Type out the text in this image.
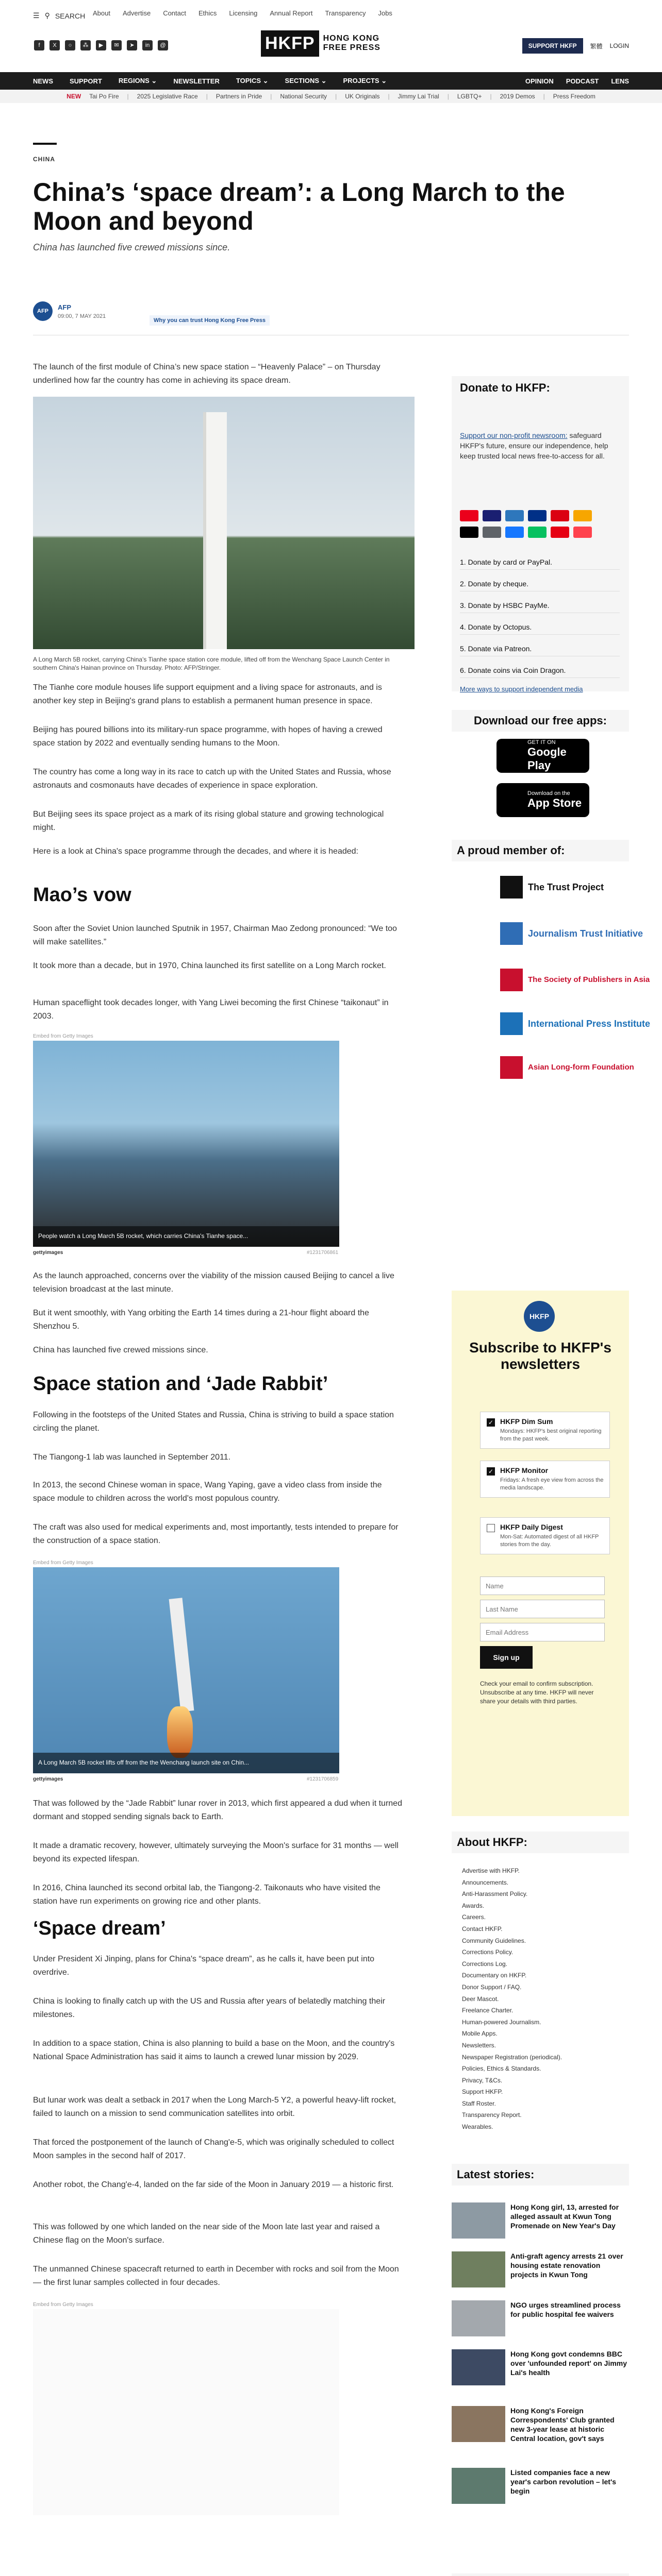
☰ ⚲ SEARCH
f	X	○	⁂	▶	✉	➤	in	@
About Advertise Contact Ethics Licensing Annual Report Transparency Jobs
HKFP	HONG KONG
FREE PRESS	SUPPORT HKFP	繁體 LOGIN
NEWS SUPPORT REGIONS ⌄ NEWSLETTER TOPICS ⌄ SECTIONS ⌄ PROJECTS ⌄	OPINION PODCAST LENS
NEW Tai Po Fire | 2025 Legislative Race | Partners in Pride | National Security | UK Originals | Jimmy Lai Trial | LGBTQ+ | 2019 Demos | Press Freedom
CHINA
China’s ‘space dream’: a Long March to the Moon and beyond
China has launched five crewed missions since.
AFP
AFP
09:00, 7 MAY 2021
Why you can trust Hong Kong Free Press

The launch of the first module of China’s new space station – “Heavenly Palace” – on Thursday underlined how far the country has come in achieving its space dream.

A Long March 5B rocket, carrying China's Tianhe space station core module, lifted off from the Wenchang Space Launch Center in southern China's Hainan province on Thursday. Photo: AFP/Stringer.

The Tianhe core module houses life support equipment and a living space for astronauts, and is another key step in Beijing's grand plans to establish a permanent human presence in space.

Beijing has poured billions into its military-run space programme, with hopes of having a crewed space station by 2022 and eventually sending humans to the Moon.

The country has come a long way in its race to catch up with the United States and Russia, whose astronauts and cosmonauts have decades of experience in space exploration.

But Beijing sees its space project as a mark of its rising global stature and growing technological might.

Here is a look at China's space programme through the decades, and where it is headed:

Mao’s vow

Soon after the Soviet Union launched Sputnik in 1957, Chairman Mao Zedong pronounced: “We too will make satellites.”

It took more than a decade, but in 1970, China launched its first satellite on a Long March rocket.

Human spaceflight took decades longer, with Yang Liwei becoming the first Chinese “taikonaut” in 2003.

Embed from Getty Images
People watch a Long March 5B rocket, which carries China's Tianhe space...
gettyimages	#1231706861

As the launch approached, concerns over the viability of the mission caused Beijing to cancel a live television broadcast at the last minute.

But it went smoothly, with Yang orbiting the Earth 14 times during a 21-hour flight aboard the Shenzhou 5.

China has launched five crewed missions since.

Space station and ‘Jade Rabbit’

Following in the footsteps of the United States and Russia, China is striving to build a space station circling the planet.

The Tiangong-1 lab was launched in September 2011.

In 2013, the second Chinese woman in space, Wang Yaping, gave a video class from inside the space module to children across the world's most populous country.

The craft was also used for medical experiments and, most importantly, tests intended to prepare for the construction of a space station.

Embed from Getty Images
A Long March 5B rocket lifts off from the the Wenchang launch site on Chin...
gettyimages	#1231706859

That was followed by the “Jade Rabbit” lunar rover in 2013, which first appeared a dud when it turned dormant and stopped sending signals back to Earth.

It made a dramatic recovery, however, ultimately surveying the Moon's surface for 31 months — well beyond its expected lifespan.

In 2016, China launched its second orbital lab, the Tiangong-2. Taikonauts who have visited the station have run experiments on growing rice and other plants.

‘Space dream’

Under President Xi Jinping, plans for China's “space dream”, as he calls it, have been put into overdrive.

China is looking to finally catch up with the US and Russia after years of belatedly matching their milestones.

In addition to a space station, China is also planning to build a base on the Moon, and the country's National Space Administration has said it aims to launch a crewed lunar mission by 2029.

But lunar work was dealt a setback in 2017 when the Long March-5 Y2, a powerful heavy-lift rocket, failed to launch on a mission to send communication satellites into orbit.

That forced the postponement of the launch of Chang'e-5, which was originally scheduled to collect Moon samples in the second half of 2017.

Another robot, the Chang'e-4, landed on the far side of the Moon in January 2019 — a historic first.

This was followed by one which landed on the near side of the Moon late last year and raised a Chinese flag on the Moon's surface.

The unmanned Chinese spacecraft returned to earth in December with rocks and soil from the Moon — the first lunar samples collected in four decades.

Embed from Getty Images

Donate to HKFP:
Support our non-profit newsroom: safeguard HKFP's future, ensure our independence, help keep trusted local news free-to-access for all.
1. Donate by card or PayPal.
2. Donate by cheque.
3. Donate by HSBC PayMe.
4. Donate by Octopus.
5. Donate via Patreon.
6. Donate coins via Coin Dragon.
More ways to support independent media
Download our free apps:
GET IT ON
Google Play
Download on the
App Store
A proud member of:
The Trust Project
Journalism Trust Initiative
The Society of Publishers in Asia
International Press Institute
Asian Long-form Foundation
HKFP
Subscribe to HKFP's newsletters
✓ HKFP Dim Sum
Mondays: HKFP's best original reporting from the past week.
✓ HKFP Monitor
Fridays: A fresh eye view from across the media landscape.
HKFP Daily Digest
Mon-Sat: Automated digest of all HKFP stories from the day.
Name
Last Name
Email Address
Sign up
Check your email to confirm subscription. Unsubscribe at any time. HKFP will never share your details with third parties.
About HKFP:
Advertise with HKFP.
Announcements.
Anti-Harassment Policy.
Awards.
Careers.
Contact HKFP.
Community Guidelines.
Corrections Policy.
Corrections Log.
Documentary on HKFP.
Donor Support / FAQ.
Deer Mascot.
Freelance Charter.
Human-powered Journalism.
Mobile Apps.
Newsletters.
Newspaper Registration (periodical).
Policies, Ethics & Standards.
Privacy, T&Cs.
Support HKFP.
Staff Roster.
Transparency Report.
Wearables.
Latest stories:
Hong Kong girl, 13, arrested for alleged assault at Kwun Tong Promenade on New Year's Day
Anti-graft agency arrests 21 over housing estate renovation projects in Kwun Tong
NGO urges streamlined process for public hospital fee waivers
Hong Kong govt condemns BBC over 'unfounded report' on Jimmy Lai's health
Hong Kong's Foreign Correspondents' Club granted new 3-year lease at historic Central location, gov't says
Listed companies face a new year's carbon revolution – let's begin
